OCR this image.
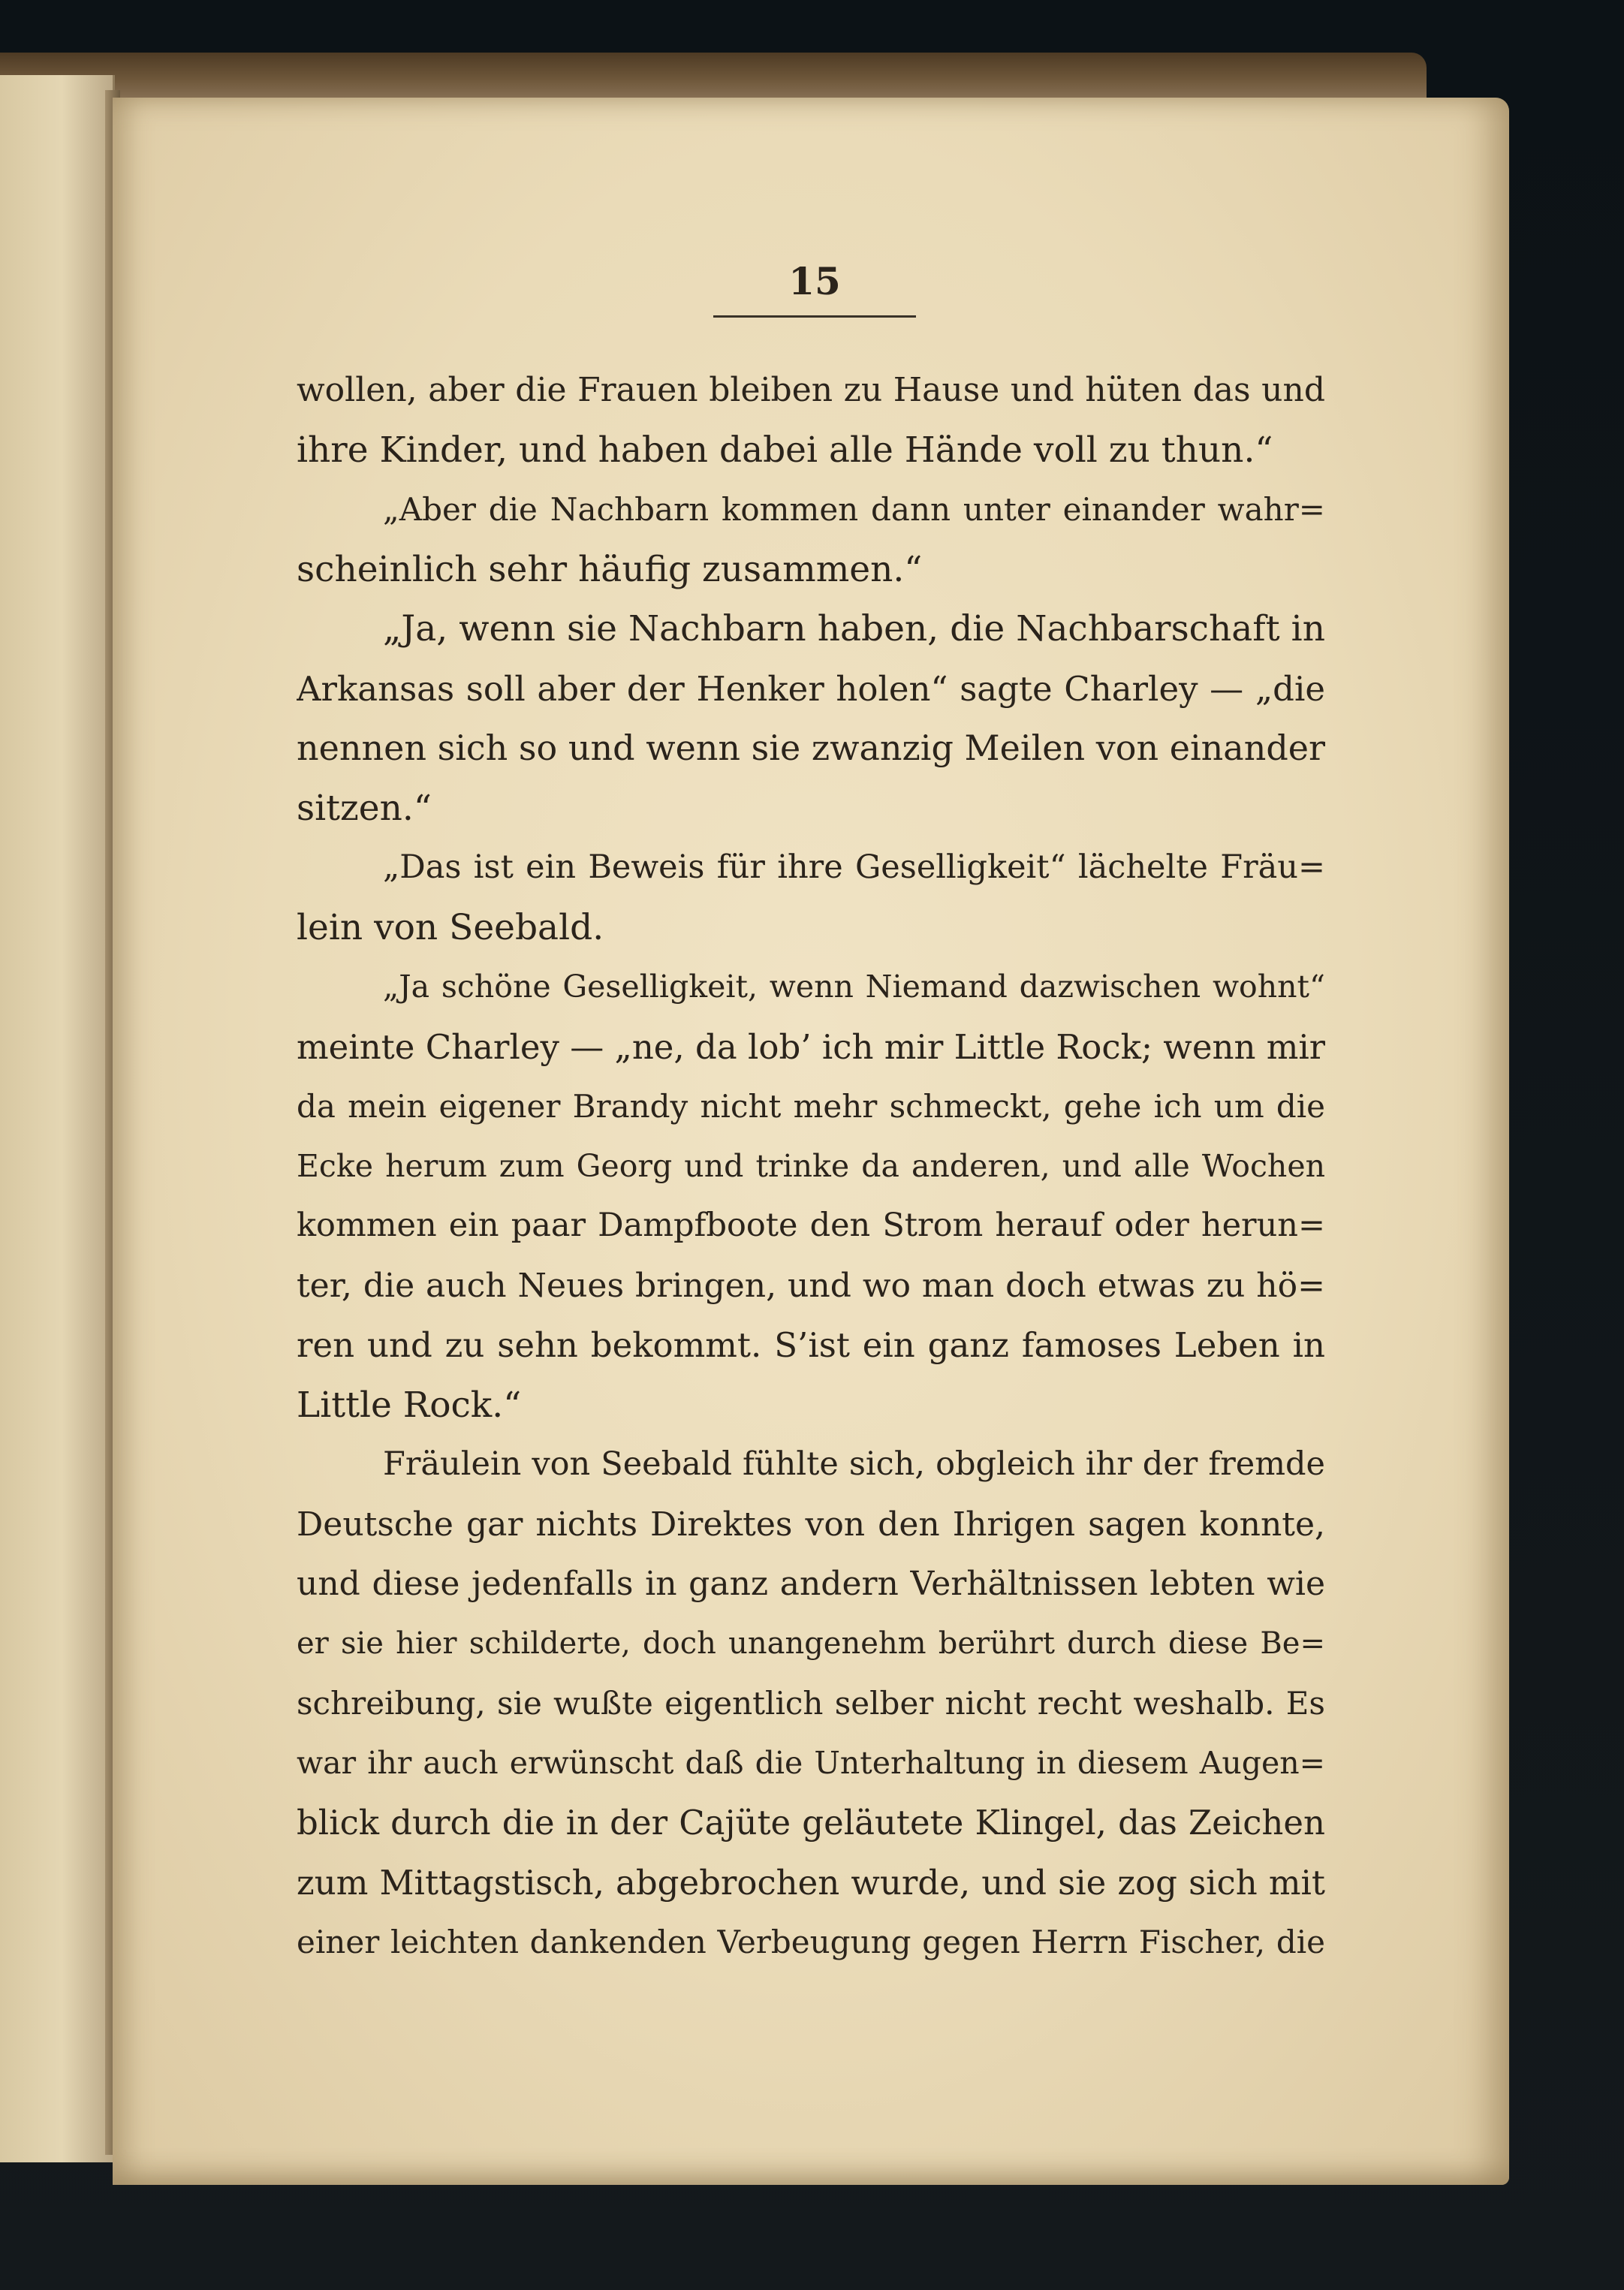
15
wollen, aber die Frauen bleiben zu Hause und hüten das und
ihre Kinder, und haben dabei alle Hände voll zu thun.“
„Aber die Nachbarn kommen dann unter einander wahr=
scheinlich sehr häufig zusammen.“
„Ja, wenn sie Nachbarn haben, die Nachbarschaft in
Arkansas soll aber der Henker holen“ sagte Charley — „die
nennen sich so und wenn sie zwanzig Meilen von einander
sitzen.“
„Das ist ein Beweis für ihre Geselligkeit“ lächelte Fräu=
lein von Seebald.
„Ja schöne Geselligkeit, wenn Niemand dazwischen wohnt“
meinte Charley — „ne, da lob’ ich mir Little Rock; wenn mir
da mein eigener Brandy nicht mehr schmeckt, gehe ich um die
Ecke herum zum Georg und trinke da anderen, und alle Wochen
kommen ein paar Dampfboote den Strom herauf oder herun=
ter, die auch Neues bringen, und wo man doch etwas zu hö=
ren und zu sehn bekommt. S’ist ein ganz famoses Leben in
Little Rock.“
Fräulein von Seebald fühlte sich, obgleich ihr der fremde
Deutsche gar nichts Direktes von den Ihrigen sagen konnte,
und diese jedenfalls in ganz andern Verhältnissen lebten wie
er sie hier schilderte, doch unangenehm berührt durch diese Be=
schreibung, sie wußte eigentlich selber nicht recht weshalb. Es
war ihr auch erwünscht daß die Unterhaltung in diesem Augen=
blick durch die in der Cajüte geläutete Klingel, das Zeichen
zum Mittagstisch, abgebrochen wurde, und sie zog sich mit
einer leichten dankenden Verbeugung gegen Herrn Fischer, die
